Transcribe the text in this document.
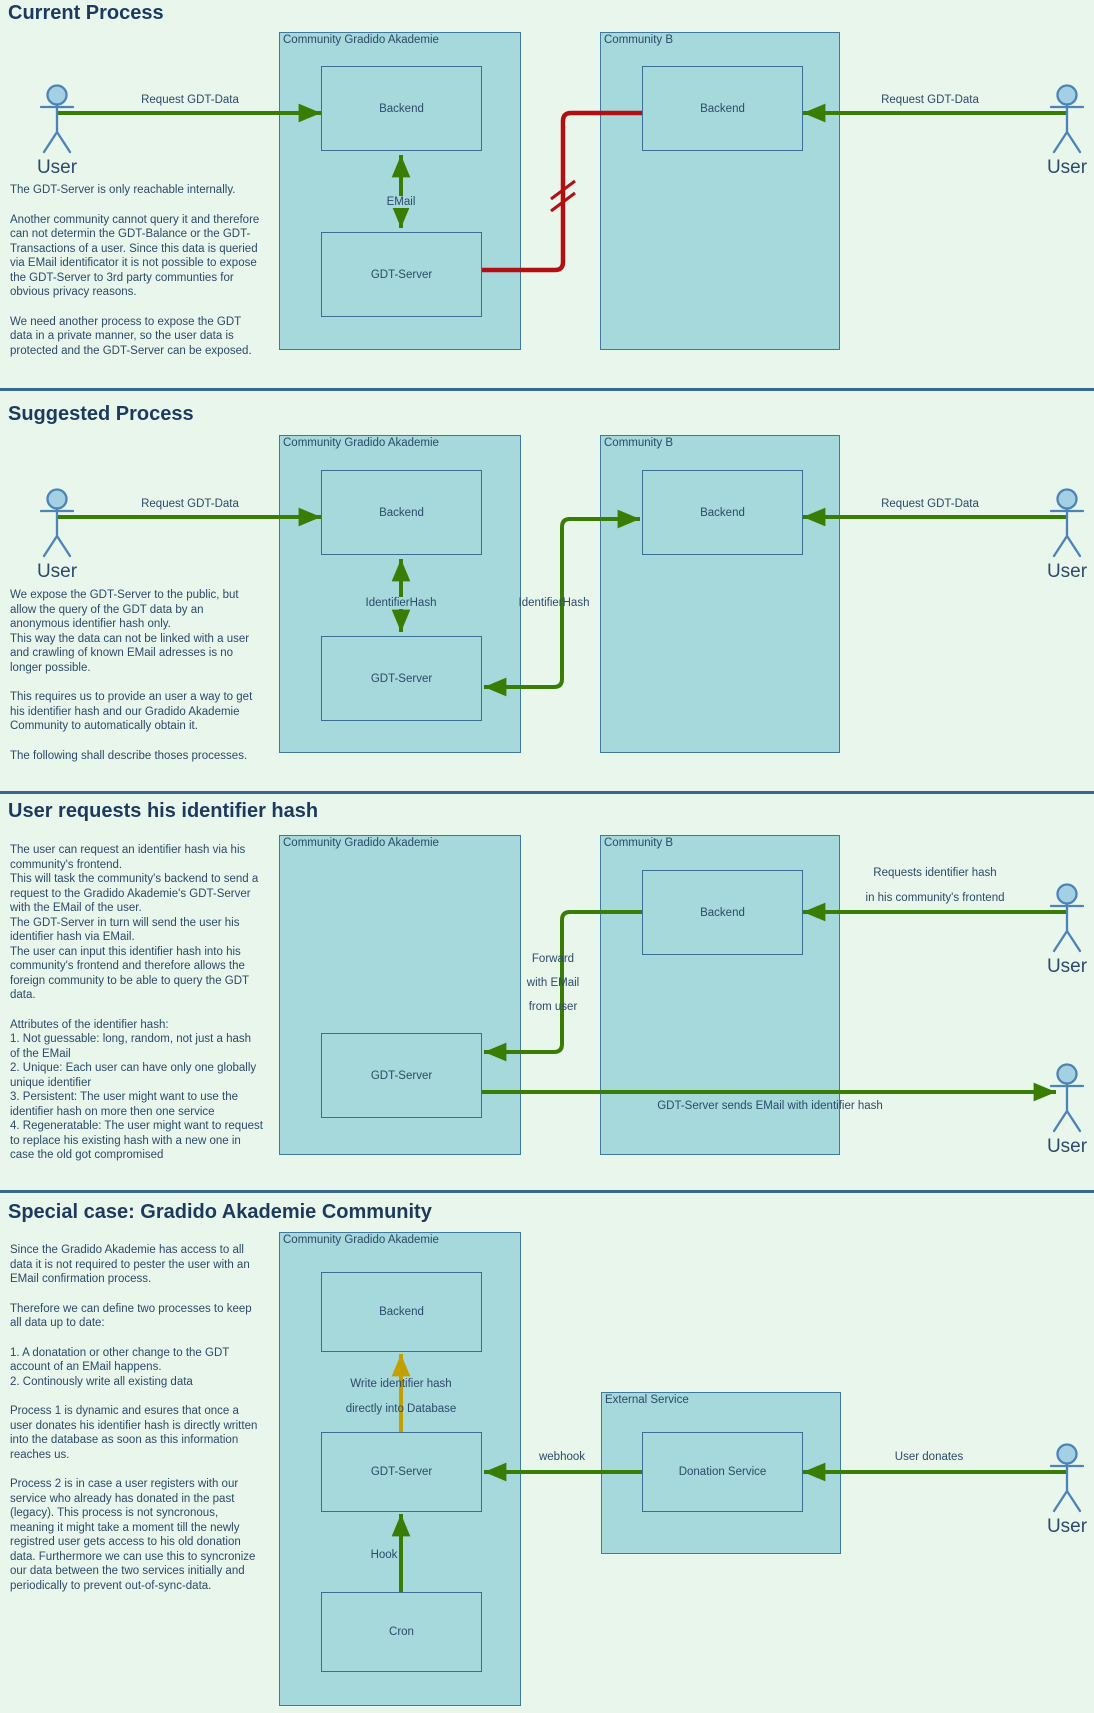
Current Process
Community Gradido Akademie	Community B
Backend
GDT-Server
Backend
Request GDT-Data	Request GDT-Data
EMail
User	User

The GDT-Server is only reachable internally.

Another community cannot query it and therefore can not determin the GDT-Balance or the GDT-Transactions of a user. Since this data is queried via EMail identificator it is not possible to expose the GDT-Server to 3rd party communties for obvious privacy reasons.

We need another process to expose the GDT data in a private manner, so the user data is protected and the GDT-Server can be exposed.

Suggested Process
Community Gradido Akademie	Community B
Backend
GDT-Server
Backend
Request GDT-Data	Request GDT-Data
IdentifierHash	IdentifierHash
User	User

We expose the GDT-Server to the public, but allow the query of the GDT data by an anonymous identifier hash only.

This way the data can not be linked with a user and crawling of known EMail adresses is no longer possible.

This requires us to provide an user a way to get his identifier hash and our Gradido Akademie Community to automatically obtain it.

The following shall describe thoses processes.

User requests his identifier hash
Community Gradido Akademie	Community B
GDT-Server
Backend
Requests identifier hash
in his community's frontend
Forward
with EMail
from user
GDT-Server sends EMail with identifier hash
User
User

The user can request an identifier hash via his community's frontend.

This will task the community's backend to send a request to the Gradido Akademie's GDT-Server with the EMail of the user.

The GDT-Server in turn will send the user his identifier hash via EMail.

The user can input this identifier hash into his community's frontend and therefore allows the foreign community to be able to query the GDT data.

Attributes of the identifier hash:

1. Not guessable: long, random, not just a hash of the EMail

2. Unique: Each user can have only one globally unique identifier

3. Persistent: The user might want to use the identifier hash on more then one service

4. Regeneratable: The user might want to request to replace his existing hash with a new one in case the old got compromised

Special case: Gradido Akademie Community
Community Gradido Akademie
External Service
Backend
GDT-Server
Cron
Donation Service
Write identifier hash
directly into Database
webhook	User donates
Hook
User

Since the Gradido Akademie has access to all data it is not required to pester the user with an EMail confirmation process.

Therefore we can define two processes to keep all data up to date:

1. A donatation or other change to the GDT account of an EMail happens.

2. Continously write all existing data

Process 1 is dynamic and esures that once a user donates his identifier hash is directly written into the database as soon as this information reaches us.

Process 2 is in case a user registers with our service who already has donated in the past (legacy). This process is not syncronous, meaning it might take a moment till the newly registred user gets access to his old donation data. Furthermore we can use this to syncronize our data between the two services initially and periodically to prevent out-of-sync-data.
